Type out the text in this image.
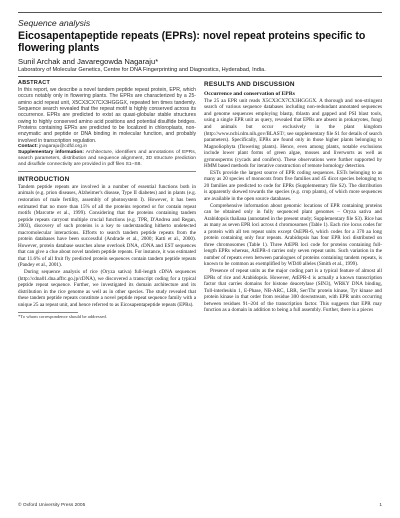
Sequence analysis
Eicosapentapeptide repeats (EPRs): novel repeat proteins specific to flowering plants
Sunil Archak and Javaregowda Nagaraju*
Laboratory of Molecular Genetics, Centre for DNA Fingerprinting and Diagnostics, Hyderabad, India.
ABSTRACT
In this report, we describe a novel tandem peptide repeat protein, EPR, which occurs notably only in flowering plants. The EPRs are characterized by a 25-amino acid repeat unit, X5CX3CX7CX3HGGGX, repeated ten times tandemly. Sequence search revealed that the repeat motif is highly conserved across its occurrence. EPRs are predicted to exist as quasi-globular stable structures owing to highly conserved amino acid positions and potential disulfide bridges. Proteins containing EPRs are predicted to be localized in chloroplasts, non-enzymatic and peptide or DNA binding in molecular function, and probably involved in transcription regulation.
Contact: jnagaraju@cdfd.org.in
Supplementary information: Architecture, identifiers and annotations of EPRs, search parameters, distribution and sequence alignment, 3D structure prediction and disulfide connectivity are provided in pdf files S1–S8.
INTRODUCTION

Tandem peptide repeats are involved in a number of essential functions both in animals (e.g. prion diseases, Alzheimer's disease, Type II diabetes) and in plants (e.g. restoration of male fertility, assembly of photosystem I). However, it has been estimated that no more than 15% of all the proteins reported or for contain repeat motifs (Marcotte et al., 1999). Considering that the proteins containing tandem peptide repeats carryout multiple crucial functions (e.g. TPR, D'Andrea and Regan, 2003), discovery of such proteins is a key to understanding hitherto undetected macromolecular interactions. Efforts to search tandem peptide repeats from the protein databases have been successful (Andrade et al., 2000; Katti et al., 2000). However, protein database searches alone overlook DNA, cDNA and EST sequences that can give a clue about novel tandem peptide repeats. For instance, it was estimated that 11.6% of all fruit fly predicted protein sequences contain tandem peptide repeats (Pandey et al., 2001).

During sequence analysis of rice (Oryza sativa) full-length cDNA sequences (http://cdna01.dna.affrc.go.jp/cDNA), we discovered a transcript coding for a typical peptide repeat sequence. Further, we investigated its domain architecture and its distribution in the rice genome as well as in other species. The study revealed that these tandem peptide repeats constitute a novel peptide repeat sequence family with a unique 25 aa repeat unit, and hence referred to as Eicosapentapeptide repeats (EPRs).

*To whom correspondence should be addressed.
RESULTS AND DISCUSSION
Occurrence and conservation of EPRs

The 25 aa EPR unit reads X5CX3CX7CX3HGGGX. A thorough and non-stringent search of various sequence databases including non-redundant annotated sequences and genome sequences employing blastp, tblastn and gapped and PSI blast tools, using a single EPR unit as query, revealed that EPRs are absent in prokaryotes, fungi and animals but occur exclusively in the plant kingdom (http://www.ncbi.nlm.nih.gov/BLAST/; see supplementary file S1 for details of search parameters). Specifically, EPRs are found only in those higher plants belonging to Magnoliophyta (flowering plants). Hence, even among plants, notable exclusions include lower plant forms of green algae, mosses and liverworts as well as gymnosperms (cycads and conifers). These observations were further supported by HMM based methods for iterative construction of remote homology detection.

ESTs provide the largest source of EPR coding sequences. ESTs belonging to as many as 20 species of monocots from five families and 45 dicot species belonging to 20 families are predicted to code for EPRs (Supplementary file S2). The distribution is apparently skewed towards the species (e.g. crop plants), of which more sequences are available in the open source databases.

Comprehensive information about genomic locations of EPR containing proteins can be obtained only in fully sequenced plant genomes – Oryza sativa and Arabidopsis thaliana (annotated in the present study; Supplementary file S3). Rice has as many as seven EPR loci across 4 chromosomes (Table 1). Each rice locus codes for a protein with all ten repeat units except OsEPR-6, which codes for a 370 aa long protein containing only four repeats. Arabidopsis has four EPR loci distributed on three chromosomes (Table 1). Three AtEPR loci code for proteins containing full-length EPRs whereas, AtEPR-4 carries only seven repeat units. Such variation in the number of repeats even between paralogues of proteins containing tandem repeats, is known to be common as exemplified by WD40 alleles (Smith et al., 1999).

Presence of repeat units as the major coding part is a typical feature of almost all EPRs of rice and Arabidopsis. However, AtEPR-4 is actually a known transcription factor that carries domains for histone deacetylase (SIN3), WRKY DNA binding, Toll-interleukin 1, E-Phase, NB-ARC, LRR, Ser/Thr protein kinase, Tyr kinase and protein kinase in that order from residue 300 downstream, with EPR units occurring between residues 91–204 of the transcription factor. This suggests that EPR may function as a domain in addition to being a full assembly. Further, there is a pieces

© Oxford University Press 2005	1
